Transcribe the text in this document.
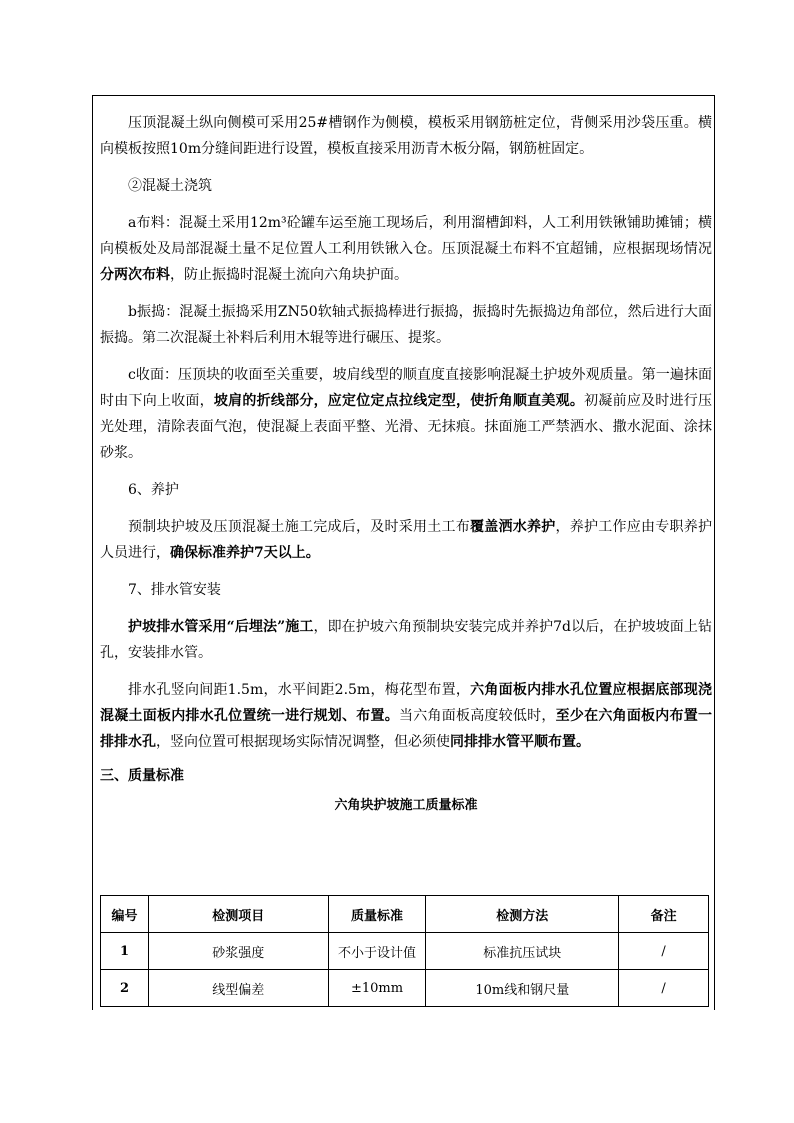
压顶混凝土纵向侧模可采用25#槽钢作为侧模，模板采用钢筋桩定位，背侧采用沙袋压重。横向模板按照10m分缝间距进行设置，模板直接采用沥青木板分隔，钢筋桩固定。

②混凝土浇筑

a布料：混凝土采用12m³砼罐车运至施工现场后，利用溜槽卸料，人工利用铁锹铺助摊铺；横向模板处及局部混凝土量不足位置人工利用铁锹入仓。压顶混凝土布料不宜超铺，应根据现场情况分两次布料，防止振捣时混凝土流向六角块护面。

b振捣：混凝土振捣采用ZN50软轴式振捣棒进行振捣，振捣时先振捣边角部位，然后进行大面振捣。第二次混凝土补料后利用木辊等进行碾压、提浆。

c收面：压顶块的收面至关重要，坡肩线型的顺直度直接影响混凝土护坡外观质量。第一遍抹面时由下向上收面，坡肩的折线部分，应定位定点拉线定型，使折角顺直美观。初凝前应及时进行压光处理，清除表面气泡，使混凝上表面平整、光滑、无抹痕。抹面施工严禁洒水、撒水泥面、涂抹砂浆。

6、养护

预制块护坡及压顶混凝土施工完成后，及时采用土工布覆盖洒水养护，养护工作应由专职养护人员进行，确保标准养护7天以上。

7、排水管安装

护坡排水管采用“后埋法”施工，即在护坡六角预制块安装完成并养护7d以后，在护坡坡面上钻孔，安装排水管。

排水孔竖向间距1.5m，水平间距2.5m，梅花型布置，六角面板内排水孔位置应根据底部现浇混凝土面板内排水孔位置统一进行规划、布置。当六角面板高度较低时，至少在六角面板内布置一排排水孔，竖向位置可根据现场实际情况调整，但必须使同排排水管平顺布置。

三、质量标准

六角块护坡施工质量标准

编号	检测项目	质量标准	检测方法	备注
1	砂浆强度	不小于设计值	标准抗压试块	/
2	线型偏差	±10mm	10m线和钢尺量	/
